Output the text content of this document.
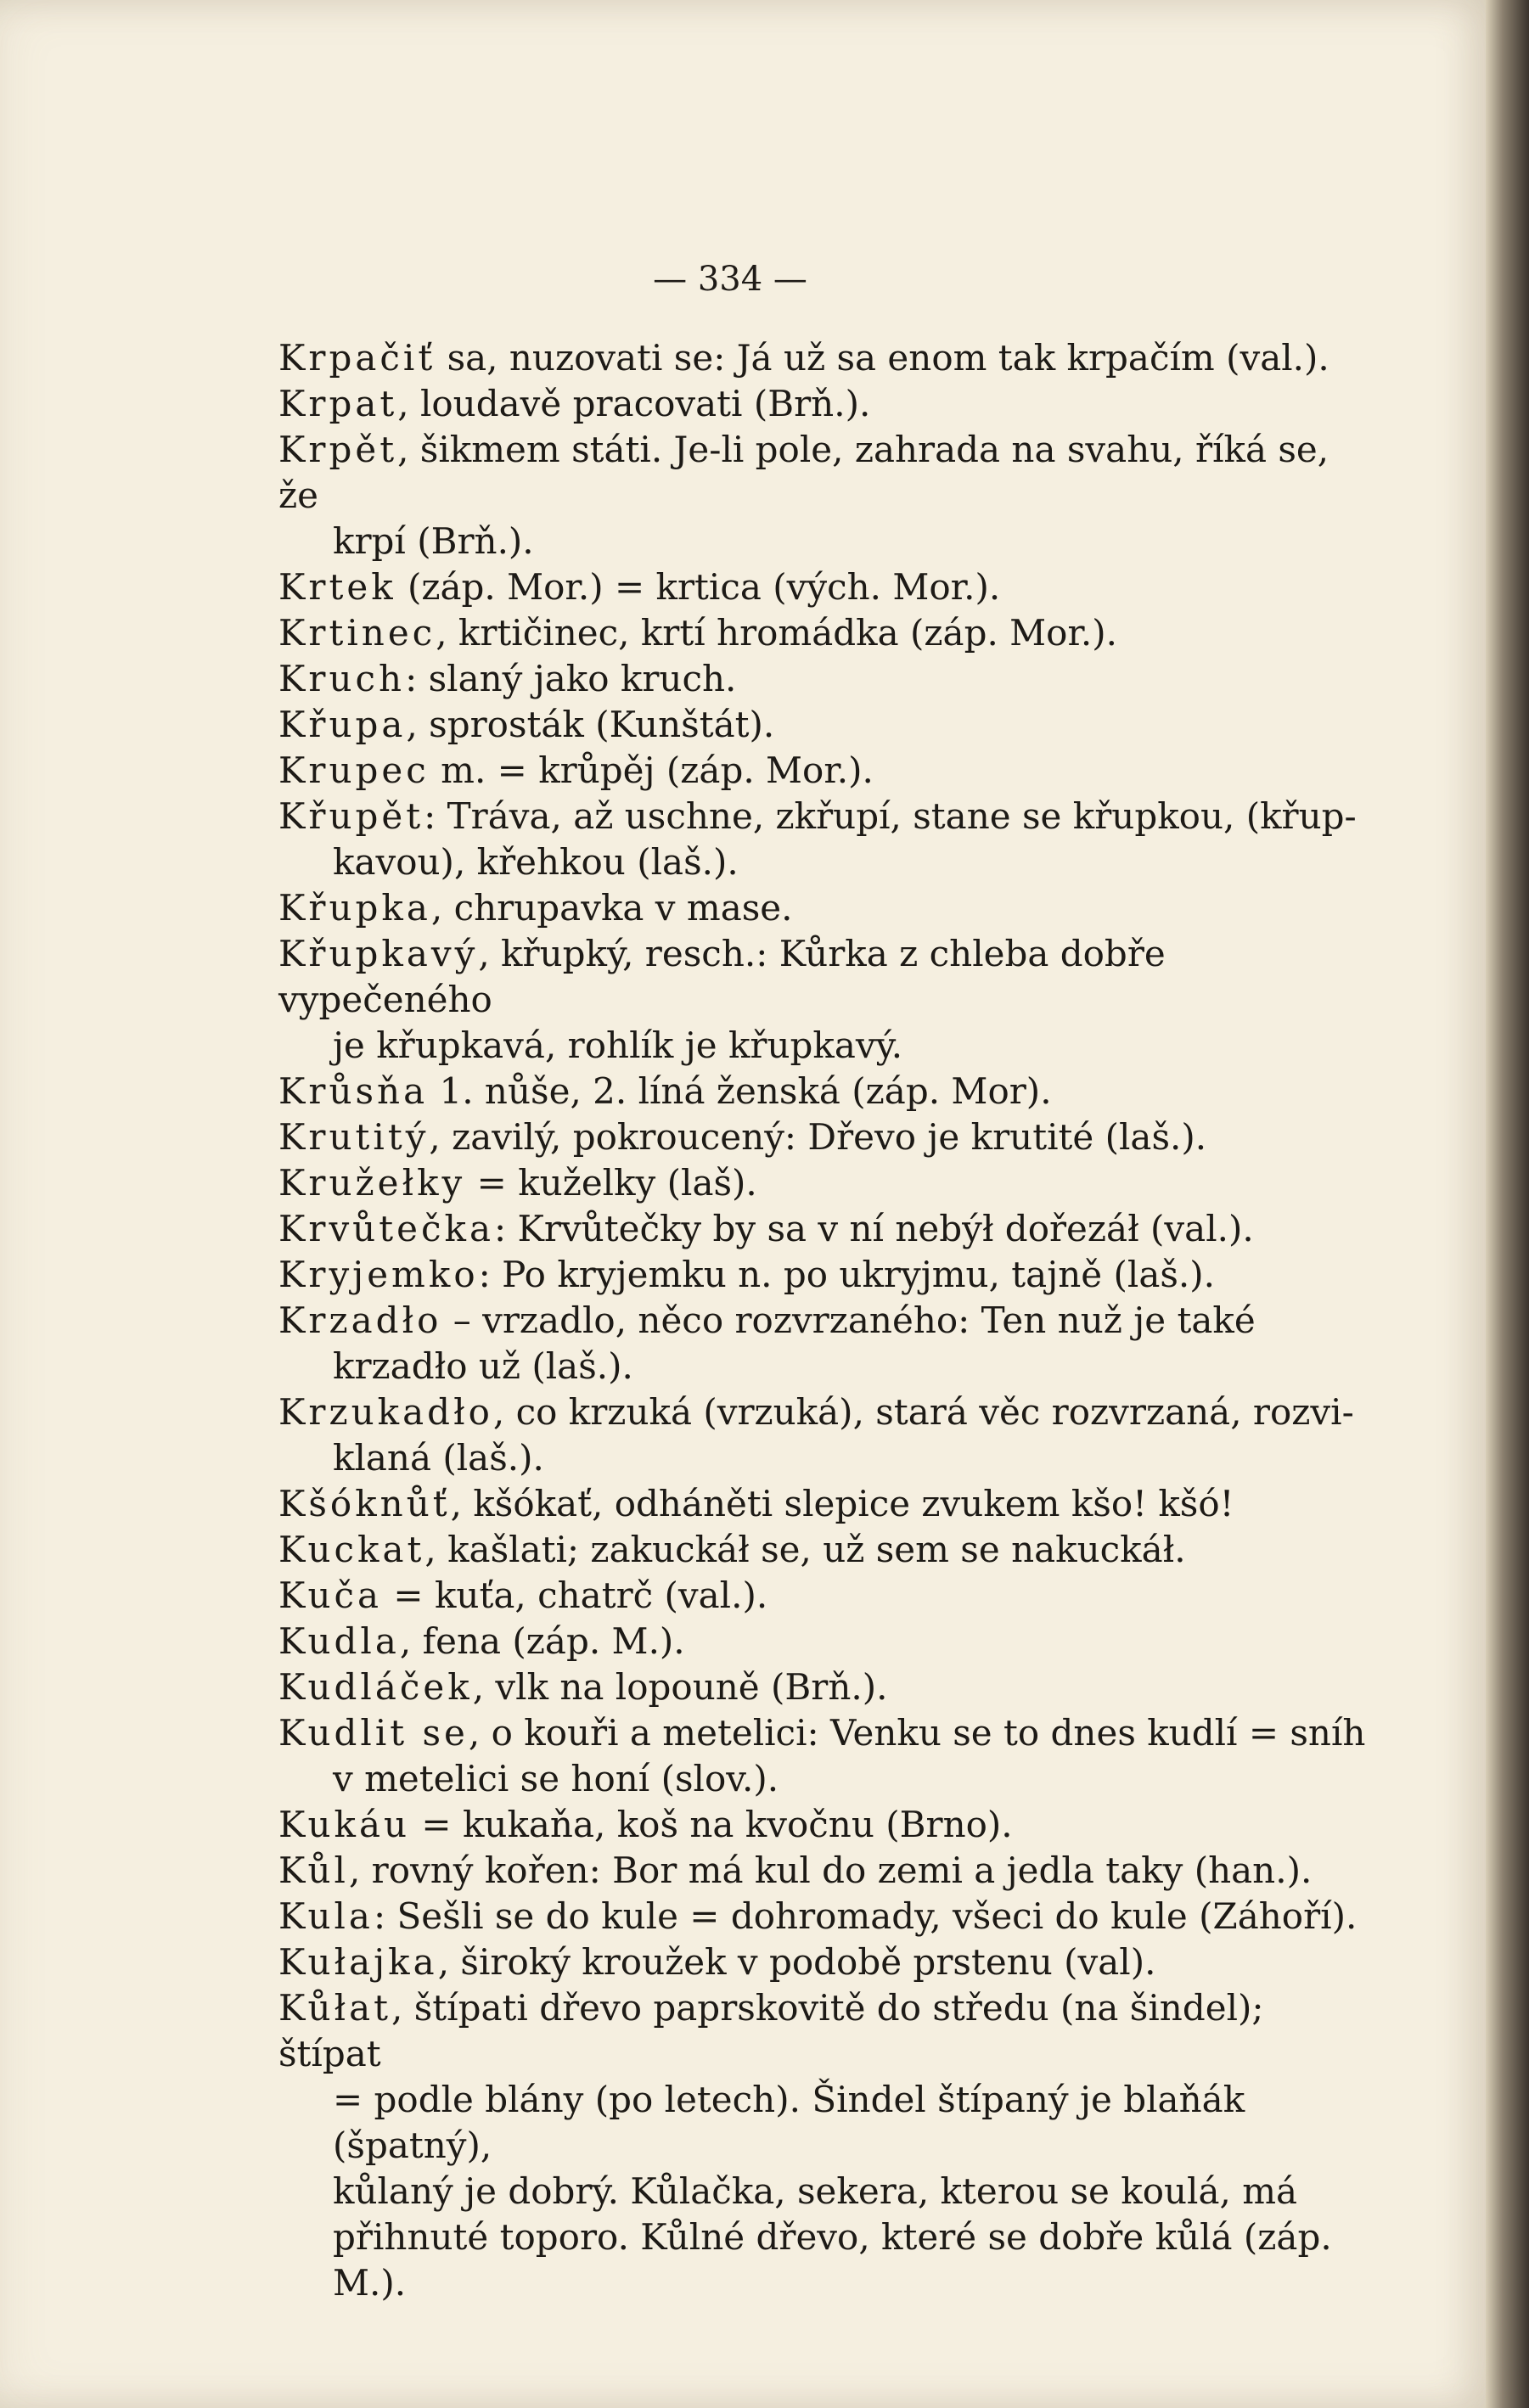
— 334 —
Krpačiť sa, nuzovati se: Já už sa enom tak krpačím (val.).
Krpat, loudavě pracovati (Brň.).
Krpět, šikmem státi. Je-li pole, zahrada na svahu, říká se, že
krpí (Brň.).
Krtek (záp. Mor.) = krtica (vých. Mor.).
Krtinec, krtičinec, krtí hromádka (záp. Mor.).
Kruch: slaný jako kruch.
Křupa, sprosták (Kunštát).
Krupec m. = krůpěj (záp. Mor.).
Křupět: Tráva, až uschne, zkřupí, stane se křupkou, (křup-
kavou), křehkou (laš.).
Křupka, chrupavka v mase.
Křupkavý, křupký, resch.: Kůrka z chleba dobře vypečeného
je křupkavá, rohlík je křupkavý.
Krůsňa 1. nůše, 2. líná ženská (záp. Mor).
Krutitý, zavilý, pokroucený: Dřevo je krutité (laš.).
Kružełky = kuželky (laš).
Krvůtečka: Krvůtečky by sa v ní nebýł dořezáł (val.).
Kryjemko: Po kryjemku n. po ukryjmu, tajně (laš.).
Krzadło – vrzadlo, něco rozvrzaného: Ten nuž je také
krzadło už (laš.).
Krzukadło, co krzuká (vrzuká), stará věc rozvrzaná, rozvi-
klaná (laš.).
Kšóknůť, kšókať, odháněti slepice zvukem kšo! kšó!
Kuckat, kašlati; zakuckáł se, už sem se nakuckáł.
Kuča = kuťa, chatrč (val.).
Kudla, fena (záp. M.).
Kudláček, vlk na lopouně (Brň.).
Kudlit se, o kouři a metelici: Venku se to dnes kudlí = sníh
v metelici se honí (slov.).
Kukáu = kukaňa, koš na kvočnu (Brno).
Kůl, rovný kořen: Bor má kul do zemi a jedla taky (han.).
Kula: Sešli se do kule = dohromady, všeci do kule (Záhoří).
Kułajka, široký kroužek v podobě prstenu (val).
Kůłat, štípati dřevo paprskovitě do středu (na šindel); štípat
= podle blány (po letech). Šindel štípaný je blaňák (špatný),
kůlaný je dobrý. Kůlačka, sekera, kterou se koulá, má
přihnuté toporo. Kůlné dřevo, které se dobře kůlá (záp. M.).
